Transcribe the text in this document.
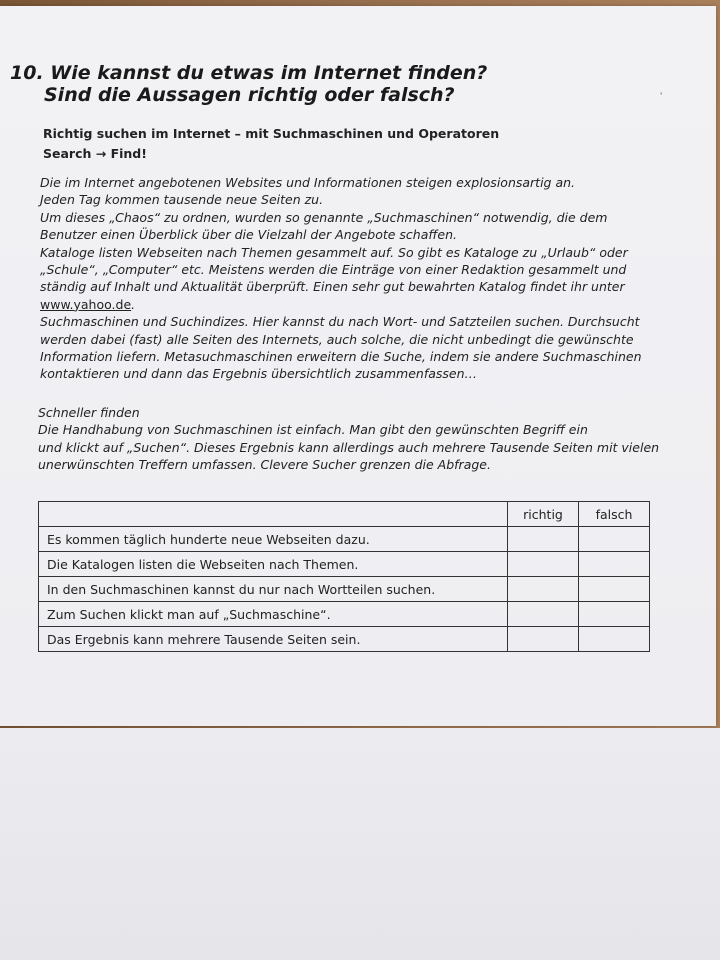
10. Wie kannst du etwas im Internet finden?
Sind die Aussagen richtig oder falsch?
Richtig suchen im Internet – mit Suchmaschinen und Operatoren
Search → Find!

Die im Internet angebotenen Websites und Informationen steigen explosionsartig an.

Jeden Tag kommen tausende neue Seiten zu.

Um dieses „Chaos“ zu ordnen, wurden so genannte „Suchmaschinen“ notwendig, die dem

Benutzer einen Überblick über die Vielzahl der Angebote schaffen.

Kataloge listen Webseiten nach Themen gesammelt auf. So gibt es Kataloge zu „Urlaub“ oder

„Schule“, „Computer“ etc. Meistens werden die Einträge von einer Redaktion gesammelt und

ständig auf Inhalt und Aktualität überprüft. Einen sehr gut bewahrten Katalog findet ihr unter

www.yahoo.de.

Suchmaschinen und Suchindizes. Hier kannst du nach Wort- und Satzteilen suchen. Durchsucht

werden dabei (fast) alle Seiten des Internets, auch solche, die nicht unbedingt die gewünschte

Information liefern. Metasuchmaschinen erweitern die Suche, indem sie andere Suchmaschinen

kontaktieren und dann das Ergebnis übersichtlich zusammenfassen…

Schneller finden

Die Handhabung von Suchmaschinen ist einfach. Man gibt den gewünschten Begriff ein

und klickt auf „Suchen“. Dieses Ergebnis kann allerdings auch mehrere Tausende Seiten mit vielen

unerwünschten Treffern umfassen. Clevere Sucher grenzen die Abfrage.

	richtig	falsch
Es kommen täglich hunderte neue Webseiten dazu.		
Die Katalogen listen die Webseiten nach Themen.		
In den Suchmaschinen kannst du nur nach Wortteilen suchen.		
Zum Suchen klickt man auf „Suchmaschine“.		
Das Ergebnis kann mehrere Tausende Seiten sein.		
